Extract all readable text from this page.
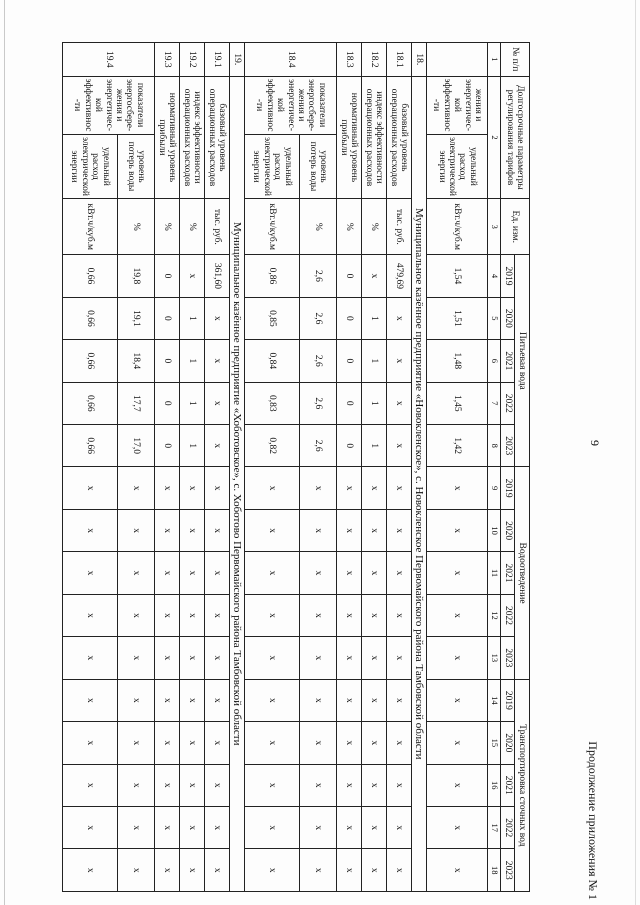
9
Продолжение приложения № 1
№ п/п	Долгосрочные параметры регулирования тарифов		Ед. изм.	Питьевая вода					Водоотведение					Транспортировка сточных вод				
				2019	2020	2021	2022	2023	2019	2020	2021	2022	2023	2019	2020	2021	2022	2023
1	2		3	4	5	6	7	8	9	10	11	12	13	14	15	16	17	18
	жения и энергетичес-кой эффективнос-ти	удельный расход электрической энергии	кВт.ч/куб.м	1,54	1,51	1,48	1,45	1,42	x	x	x	x	x	x	x	x	x	x
18.	Муниципальное казённое предприятие «Новокленское», с. Новокленское Первомайского района Тамбовской области																	
18.1	базовый уровень операционных расходов		тыс. руб.	479,69	x	x	x	x	x	x	x	x	x	x	x	x	x	x
18.2	индекс эффективности операционных расходов		%	x	1	1	1	1	x	x	x	x	x	x	x	x	x	x
18.3	нормативный уровень прибыли		%	0	0	0	0	0	x	x	x	x	x	x	x	x	x	x
18.4	показатели энергосбере-жения и энергетичес-кой эффективнос-ти	уровень потерь воды	%	2,6	2,6	2,6	2,6	2,6	x	x	x	x	x	x	x	x	x	x
		удельный расход электрической энергии	кВт.ч/куб.м	0,86	0,85	0,84	0,83	0,82	x	x	x	x	x	x	x	x	x	x
19.	Муниципальное казённое предприятие «Хоботовское», с. Хоботово Первомайского района Тамбовской области																	
19.1	базовый уровень операционных расходов		тыс. руб.	361,60	x	x	x	x	x	x	x	x	x	x	x	x	x	x
19.2	индекс эффективности операционных расходов		%	x	1	1	1	1	x	x	x	x	x	x	x	x	x	x
19.3	нормативный уровень прибыли		%	0	0	0	0	0	x	x	x	x	x	x	x	x	x	x
19.4	показатели энергосбере-жения и энергетичес-кой эффективнос-ти	уровень потерь воды	%	19,8	19,1	18,4	17,7	17,0	x	x	x	x	x	x	x	x	x	x
		удельный расход электрической энергии	кВт.ч/куб.м	0,66	0,66	0,66	0,66	0,66	x	x	x	x	x	x	x	x	x	x
